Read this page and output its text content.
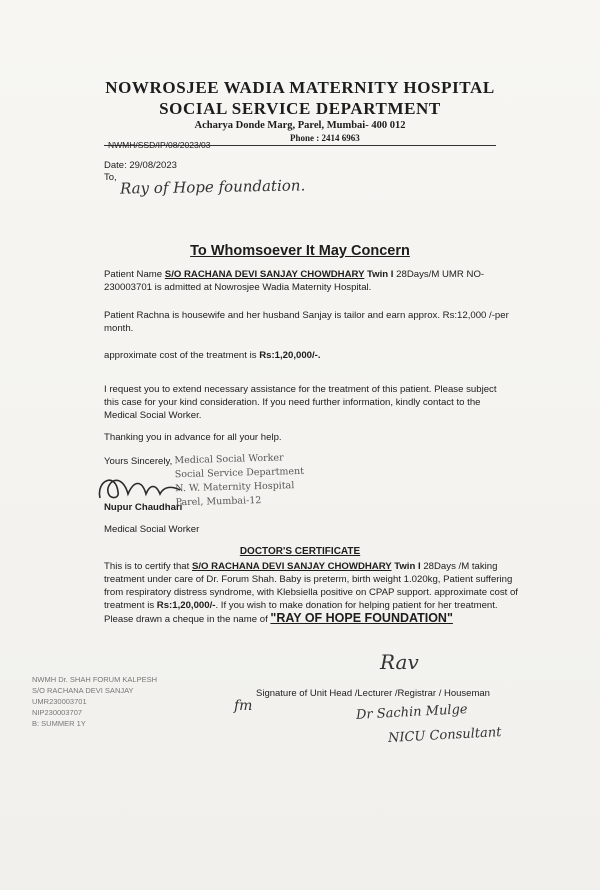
NOWROSJEE WADIA MATERNITY HOSPITAL
SOCIAL SERVICE DEPARTMENT
Acharya Donde Marg, Parel, Mumbai- 400 012
Phone : 2414 6963
NWMH/SSD/IP/08/2023/03
Date: 29/08/2023
To, Ray of Hope foundation.
To Whomsoever It May Concern
Patient Name S/O RACHANA DEVI SANJAY CHOWDHARY Twin I 28Days/M UMR NO-230003701 is admitted at Nowrosjee Wadia Maternity Hospital.
Patient Rachna is housewife and her husband Sanjay is tailor and earn approx. Rs:12,000 /-per month.
approximate cost of the treatment is Rs:1,20,000/-.
I request you to extend necessary assistance for the treatment of this patient. Please subject this case for your kind consideration. If you need further information, kindly contact to the Medical Social Worker.
Thanking you in advance for all your help.
Yours Sincerely, Medical Social Worker
Social Service Department
N. W. Maternity Hospital
Parel, Mumbai-12
Nupur Chaudhari
Medical Social Worker
DOCTOR'S CERTIFICATE
This is to certify that S/O RACHANA DEVI SANJAY CHOWDHARY Twin I 28Days /M taking treatment under care of Dr. Forum Shah. Baby is preterm, birth weight 1.020kg, Patient suffering from respiratory distress syndrome, with Klebsiella positive on CPAP support. approximate cost of treatment is Rs:1,20,000/-. If you wish to make donation for helping patient for her treatment. Please drawn a cheque in the name of "RAY OF HOPE FOUNDATION"
NWMH Dr. SHAH FORUM KALPESH
S/O RACHANA DEVI SANJAY
UMR230003701
NIP230003707
B: SUMMER 1Y
Rav
Signature of Unit Head /Lecturer /Registrar / Houseman
fm	Dr Sachin Mulge
NICU Consultant
